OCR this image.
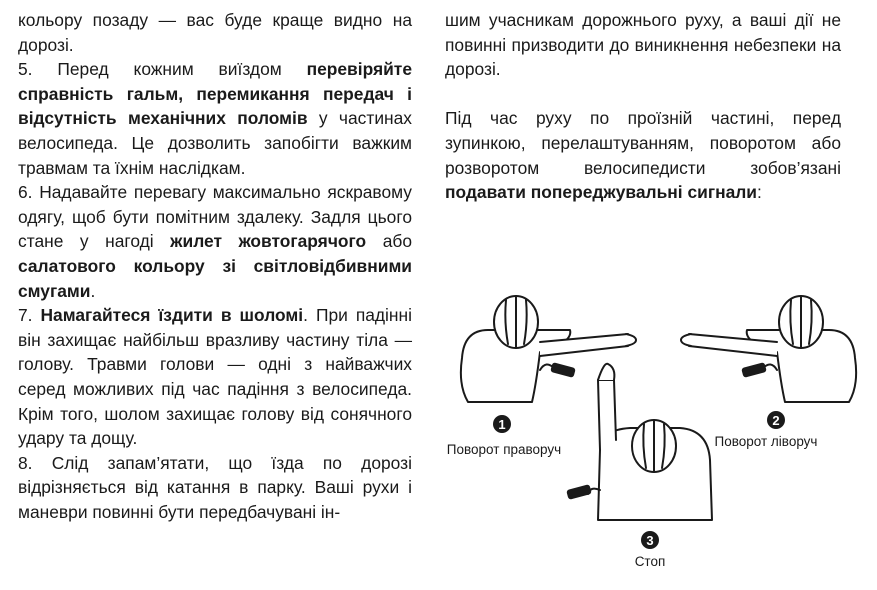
кольору позаду — вас буде краще видно на дорозі.

5. Перед кожним виїздом перевіряйте справність гальм, перемикання передач і відсутність механічних поломів у частинах велосипеда. Це дозволить запобігти важким травмам та їхнім наслідкам.

6. Надавайте перевагу максимально яскравому одягу, щоб бути помітним здалеку. Задля цього стане у нагоді жилет жовтогарячого або салатового кольору зі світловідбивними смугами.

7. Намагайтеся їздити в шоломі. При падінні він захищає найбільш вразливу частину тіла — голову. Травми голови — одні з найважчих серед можливих під час падіння з велосипеда. Крім того, шолом захищає голову від сонячного удару та дощу.

8. Слід запам’ятати, що їзда по дорозі відрізняється від катання в парку. Ваші рухи і маневри повинні бути передбачувані ін-

шим учасникам дорожнього руху, а ваші дії не повинні призводити до виникнення небезпеки на дорозі.

Під час руху по проїзній частині, перед зупинкою, перелаштуванням, поворотом або розворотом велосипедисти зобов’язані подавати попереджувальні сигнали:

1	2
3
Поворот праворуч
Поворот ліворуч
Стоп
